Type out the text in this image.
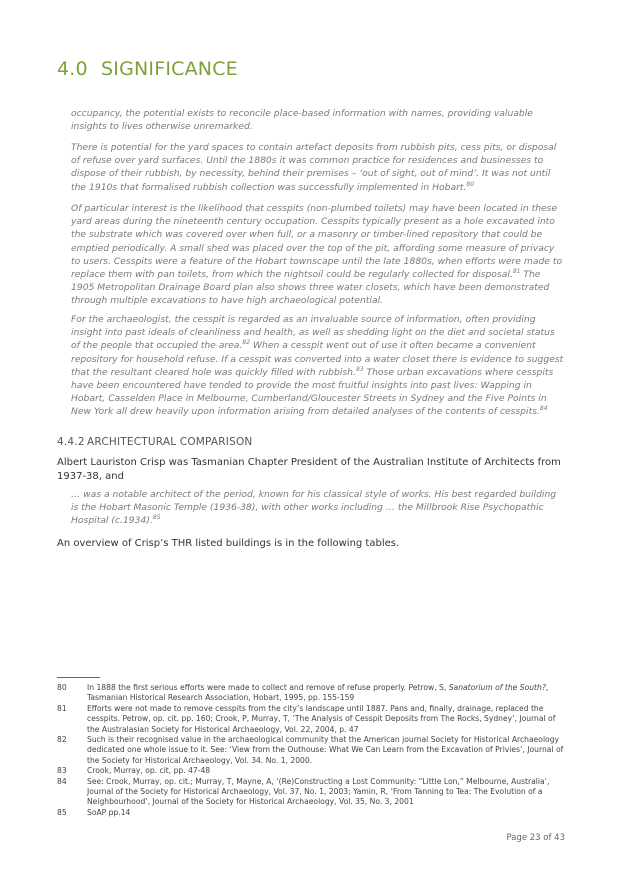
4.0 SIGNIFICANCE

occupancy, the potential exists to reconcile place-based information with names, providing valuable insights to lives otherwise unremarked.

There is potential for the yard spaces to contain artefact deposits from rubbish pits, cess pits, or disposal of refuse over yard surfaces. Until the 1880s it was common practice for residences and businesses to dispose of their rubbish, by necessity, behind their premises – ‘out of sight, out of mind’. It was not until the 1910s that formalised rubbish collection was successfully implemented in Hobart.$^{80}$

Of particular interest is the likelihood that cesspits (non-plumbed toilets) may have been located in these yard areas during the nineteenth century occupation. Cesspits typically present as a hole excavated into the substrate which was covered over when full, or a masonry or timber-lined repository that could be emptied periodically. A small shed was placed over the top of the pit, affording some measure of privacy to users. Cesspits were a feature of the Hobart townscape until the late 1880s, when efforts were made to replace them with pan toilets, from which the nightsoil could be regularly collected for disposal.$^{81}$ The 1905 Metropolitan Drainage Board plan also shows three water closets, which have been demonstrated through multiple excavations to have high archaeological potential.

For the archaeologist, the cesspit is regarded as an invaluable source of information, often providing insight into past ideals of cleanliness and health, as well as shedding light on the diet and societal status of the people that occupied the area.$^{82}$ When a cesspit went out of use it often became a convenient repository for household refuse. If a cesspit was converted into a water closet there is evidence to suggest that the resultant cleared hole was quickly filled with rubbish.$^{83}$ Those urban excavations where cesspits have been encountered have tended to provide the most fruitful insights into past lives: Wapping in Hobart, Casselden Place in Melbourne, Cumberland/Gloucester Streets in Sydney and the Five Points in New York all drew heavily upon information arising from detailed analyses of the contents of cesspits.$^{84}$

4.4.2 ARCHITECTURAL COMPARISON

Albert Lauriston Crisp was Tasmanian Chapter President of the Australian Institute of Architects from 1937-38, and

… was a notable architect of the period, known for his classical style of works. His best regarded building is the Hobart Masonic Temple (1936-38), with other works including … the Millbrook Rise Psychopathic Hospital (c.1934).$^{85}$

An overview of Crisp’s THR listed buildings is in the following tables.

80	In 1888 the first serious efforts were made to collect and remove of refuse properly. Petrow, S, Sanatorium of the South?, Tasmanian Historical Research Association, Hobart, 1995, pp. 155-159
81	Efforts were not made to remove cesspits from the city’s landscape until 1887. Pans and, finally, drainage, replaced the cesspits. Petrow, op. cit. pp. 160; Crook, P, Murray, T, ‘The Analysis of Cesspit Deposits from The Rocks, Sydney’, Journal of the Australasian Society for Historical Archaeology, Vol. 22, 2004, p. 47
82	Such is their recognised value in the archaeological community that the American journal Society for Historical Archaeology dedicated one whole issue to it. See: ‘View from the Outhouse: What We Can Learn from the Excavation of Privies’, Journal of the Society for Historical Archaeology, Vol. 34. No. 1, 2000.
83	Crook, Murray, op. cit, pp. 47-48
84	See: Crook, Murray, op. cit.; Murray, T, Mayne, A, ‘(Re)Constructing a Lost Community: “Little Lon,” Melbourne, Australia’, Journal of the Society for Historical Archaeology, Vol. 37, No. 1, 2003; Yamin, R, ‘From Tanning to Tea: The Evolution of a Neighbourhood’, Journal of the Society for Historical Archaeology, Vol. 35, No. 3, 2001
85	SoAP pp.14
Page 23 of 43
